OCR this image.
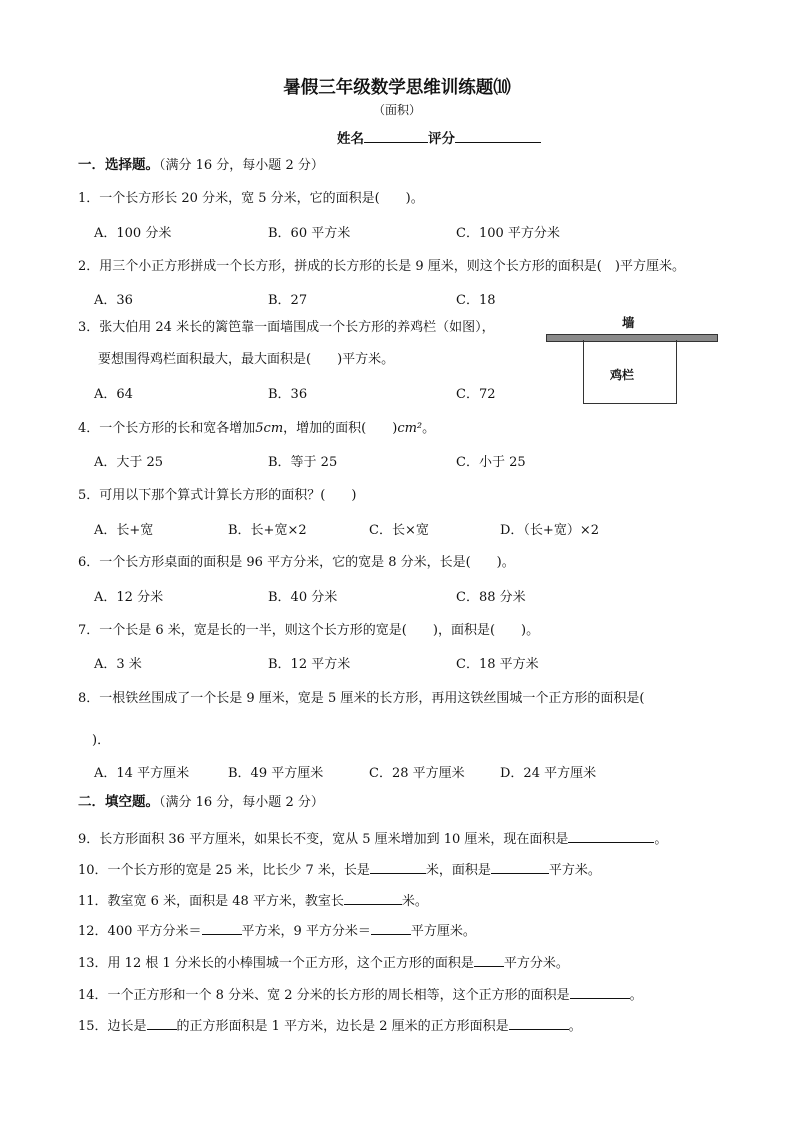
暑假三年级数学思维训练题⑽
（面积）
姓名	评分
一．选择题。（满分 16 分，每小题 2 分）
1．一个长方形长 20 分米，宽 5 分米，它的面积是(　　)。
A．100 分米	B．60 平方米	C．100 平方分米
2．用三个小正方形拼成一个长方形，拼成的长方形的长是 9 厘米，则这个长方形的面积是(　)平方厘米。
A．36	B．27	C．18
3．张大伯用 24 米长的篱笆靠一面墙围成一个长方形的养鸡栏（如图），
要想围得鸡栏面积最大，最大面积是(　　)平方米。
A．64	B．36	C．72
墙
鸡栏
4．一个长方形的长和宽各增加5cm，增加的面积(　　)cm²。
A．大于 25	B．等于 25	C．小于 25
5．可用以下那个算式计算长方形的面积？(　　)
A．长+宽	B．长+宽×2	C．长×宽	D．（长+宽）×2
6．一个长方形桌面的面积是 96 平方分米，它的宽是 8 分米，长是(　　)。
A．12 分米	B．40 分米	C．88 分米
7．一个长是 6 米，宽是长的一半，则这个长方形的宽是(　　)，面积是(　　)。
A．3 米	B．12 平方米	C．18 平方米
8．一根铁丝围成了一个长是 9 厘米，宽是 5 厘米的长方形，再用这铁丝围城一个正方形的面积是(
)．
A．14 平方厘米	B．49 平方厘米	C．28 平方厘米	D．24 平方厘米
二．填空题。（满分 16 分，每小题 2 分）
9．长方形面积 36 平方厘米，如果长不变，宽从 5 厘米增加到 10 厘米，现在面积是	。
10．一个长方形的宽是 25 米，比长少 7 米，长是	米，面积是	平方米。
11．教室宽 6 米，面积是 48 平方米，教室长	米。
12．400 平方分米＝	平方米，9 平方分米＝	平方厘米。
13．用 12 根 1 分米长的小棒围城一个正方形，这个正方形的面积是 平方分米。
14．一个正方形和一个 8 分米、宽 2 分米的长方形的周长相等，这个正方形的面积是	。
15．边长是 的正方形面积是 1 平方米，边长是 2 厘米的正方形面积是	。
